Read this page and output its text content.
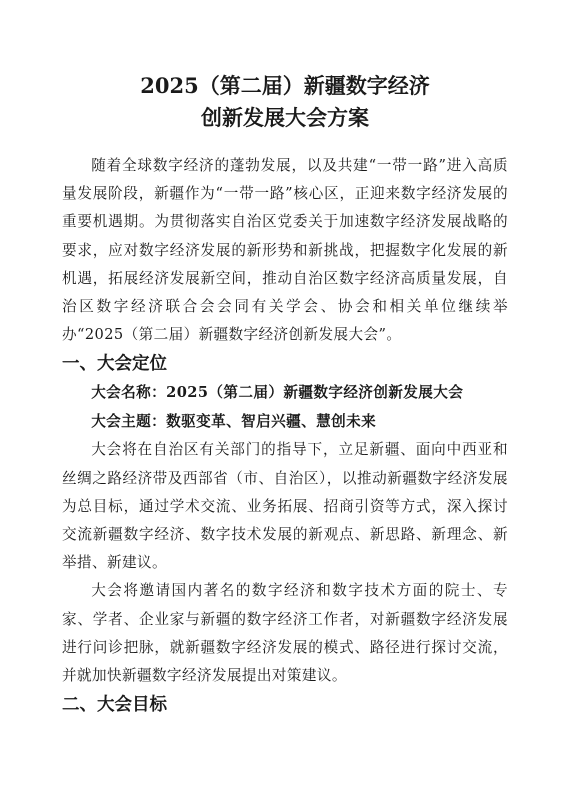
2025（第二届）新疆数字经济
创新发展大会方案

随着全球数字经济的蓬勃发展，以及共建“一带一路”进入高质量发展阶段，新疆作为“一带一路”核心区，正迎来数字经济发展的重要机遇期。为贯彻落实自治区党委关于加速数字经济发展战略的要求，应对数字经济发展的新形势和新挑战，把握数字化发展的新机遇，拓展经济发展新空间，推动自治区数字经济高质量发展，自治区数字经济联合会会同有关学会、协会和相关单位继续举办“2025（第二届）新疆数字经济创新发展大会”。

一、大会定位

大会名称：2025（第二届）新疆数字经济创新发展大会

大会主题：数驱变革、智启兴疆、慧创未来

大会将在自治区有关部门的指导下，立足新疆、面向中西亚和丝绸之路经济带及西部省（市、自治区），以推动新疆数字经济发展为总目标，通过学术交流、业务拓展、招商引资等方式，深入探讨交流新疆数字经济、数字技术发展的新观点、新思路、新理念、新举措、新建议。

大会将邀请国内著名的数字经济和数字技术方面的院士、专家、学者、企业家与新疆的数字经济工作者，对新疆数字经济发展进行问诊把脉，就新疆数字经济发展的模式、路径进行探讨交流，并就加快新疆数字经济发展提出对策建议。

二、大会目标
